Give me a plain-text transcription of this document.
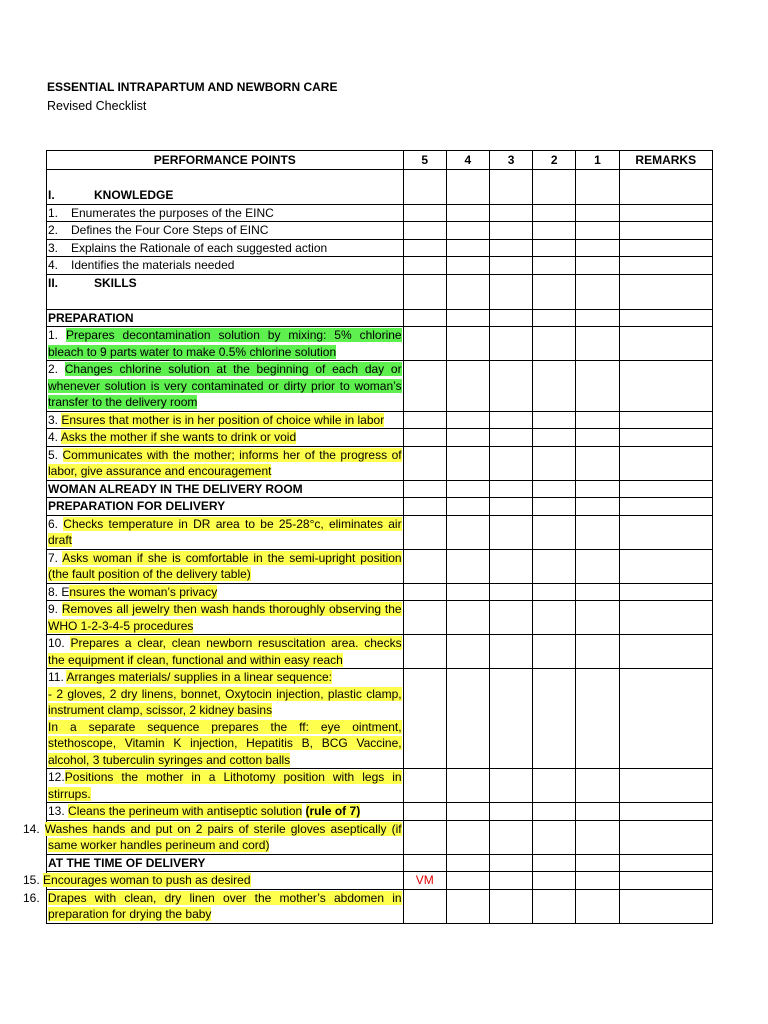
ESSENTIAL INTRAPARTUM AND NEWBORN CARE
Revised Checklist
PERFORMANCE POINTS	5	4	3	2	1	REMARKS
I. KNOWLEDGE						
1. Enumerates the purposes of the EINC						
2. Defines the Four Core Steps of EINC						
3. Explains the Rationale of each suggested action						
4. Identifies the materials needed						
II. SKILLS						
PREPARATION						
1. Prepares decontamination solution by mixing: 5% chlorine bleach to 9 parts water to make 0.5% chlorine solution						
2. Changes chlorine solution at the beginning of each day or whenever solution is very contaminated or dirty prior to woman’s transfer to the delivery room						
3. Ensures that mother is in her position of choice while in labor						
4. Asks the mother if she wants to drink or void						
5. Communicates with the mother; informs her of the progress of labor, give assurance and encouragement						
WOMAN ALREADY IN THE DELIVERY ROOM						
PREPARATION FOR DELIVERY						
6. Checks temperature in DR area to be 25-28°c, eliminates air draft						
7. Asks woman if she is comfortable in the semi-upright position (the fault position of the delivery table)						
8. Ensures the woman’s privacy						
9. Removes all jewelry then wash hands thoroughly observing the WHO 1-2-3-4-5 procedures						
10. Prepares a clear, clean newborn resuscitation area. checks the equipment if clean, functional and within easy reach						
11. Arranges materials/ supplies in a linear sequence:
- 2 gloves, 2 dry linens, bonnet, Oxytocin injection, plastic clamp, instrument clamp, scissor, 2 kidney basins
In a separate sequence prepares the ff: eye ointment, stethoscope, Vitamin K injection, Hepatitis B, BCG Vaccine, alcohol, 3 tuberculin syringes and cotton balls						
12.Positions the mother in a Lithotomy position with legs in stirrups.						
13. Cleans the perineum with antiseptic solution (rule of 7)						
14. Washes hands and put on 2 pairs of sterile gloves aseptically (if same worker handles perineum and cord)						
AT THE TIME OF DELIVERY						
15. Encourages woman to push as desired	VM					
16. Drapes with clean, dry linen over the mother’s abdomen in preparation for drying the baby						
